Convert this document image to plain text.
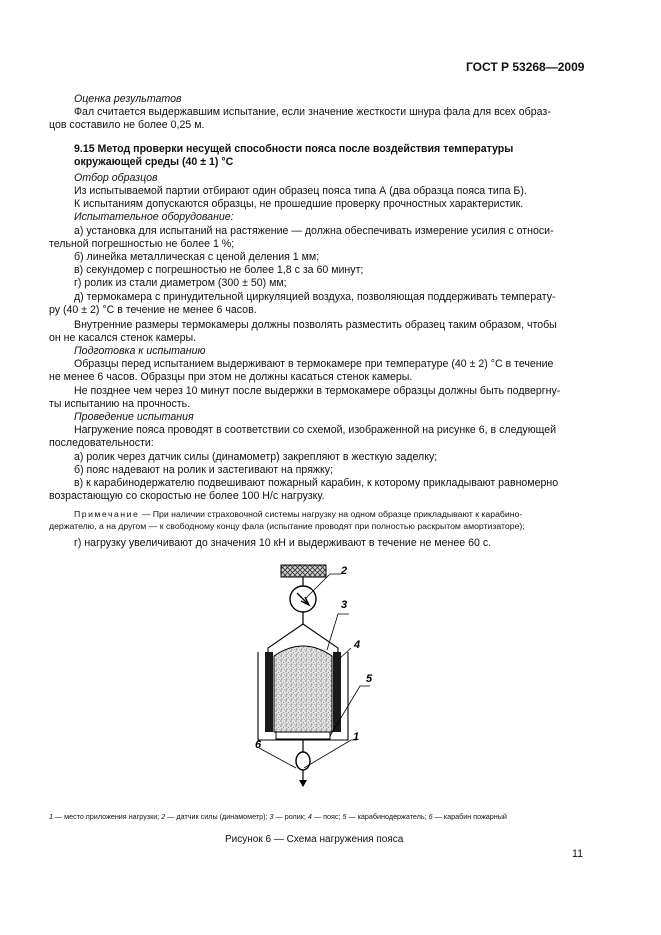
ГОСТ Р 53268—2009
Оценка результатов
Фал считается выдержавшим испытание, если значение жесткости шнура фала для всех образ-
цов составило не более 0,25 м.
9.15 Метод проверки несущей способности пояса после воздействия температуры
окружающей среды (40 ± 1) °С
Отбор образцов
Из испытываемой партии отбирают один образец пояса типа А (два образца пояса типа Б).
К испытаниям допускаются образцы, не прошедшие проверку прочностных характеристик.
Испытательное оборудование:
а) установка для испытаний на растяжение — должна обеспечивать измерение усилия с относи-
тельной погрешностью не более 1 %;
б) линейка металлическая с ценой деления 1 мм;
в) секундомер с погрешностью не более 1,8 с за 60 минут;
г) ролик из стали диаметром (300 ± 50) мм;
д) термокамера с принудительной циркуляцией воздуха, позволяющая поддерживать температу-
ру (40 ± 2) °С в течение не менее 6 часов.
Внутренние размеры термокамеры должны позволять разместить образец таким образом, чтобы
он не касался стенок камеры.
Подготовка к испытанию
Образцы перед испытанием выдерживают в термокамере при температуре (40 ± 2) °С в течение
не менее 6 часов. Образцы при этом не должны касаться стенок камеры.
Не позднее чем через 10 минут после выдержки в термокамере образцы должны быть подвергну-
ты испытанию на прочность.
Проведение испытания
Нагружение пояса проводят в соответствии со схемой, изображенной на рисунке 6, в следующей
последовательности:
а) ролик через датчик силы (динамометр) закрепляют в жесткую заделку;
б) пояс надевают на ролик и застегивают на пряжку;
в) к карабинодержателю подвешивают пожарный карабин, к которому прикладывают равномерно
возрастающую со скоростью не более 100 Н/с нагрузку.
Примечание — При наличии страховочной системы нагрузку на одном образце прикладывают к карабино-
держателю, а на другом — к свободному концу фала (испытание проводят при полностью раскрытом амортизаторе);
г) нагрузку увеличивают до значения 10 кН и выдерживают в течение не менее 60 с.
2
3
4
5
1
6
1 — место приложения нагрузки; 2 — датчик силы (динамометр); 3 — ролик; 4 — пояс; 5 — карабинодержатель; 6 — карабин пожарный
Рисунок 6 — Схема нагружения пояса
11
